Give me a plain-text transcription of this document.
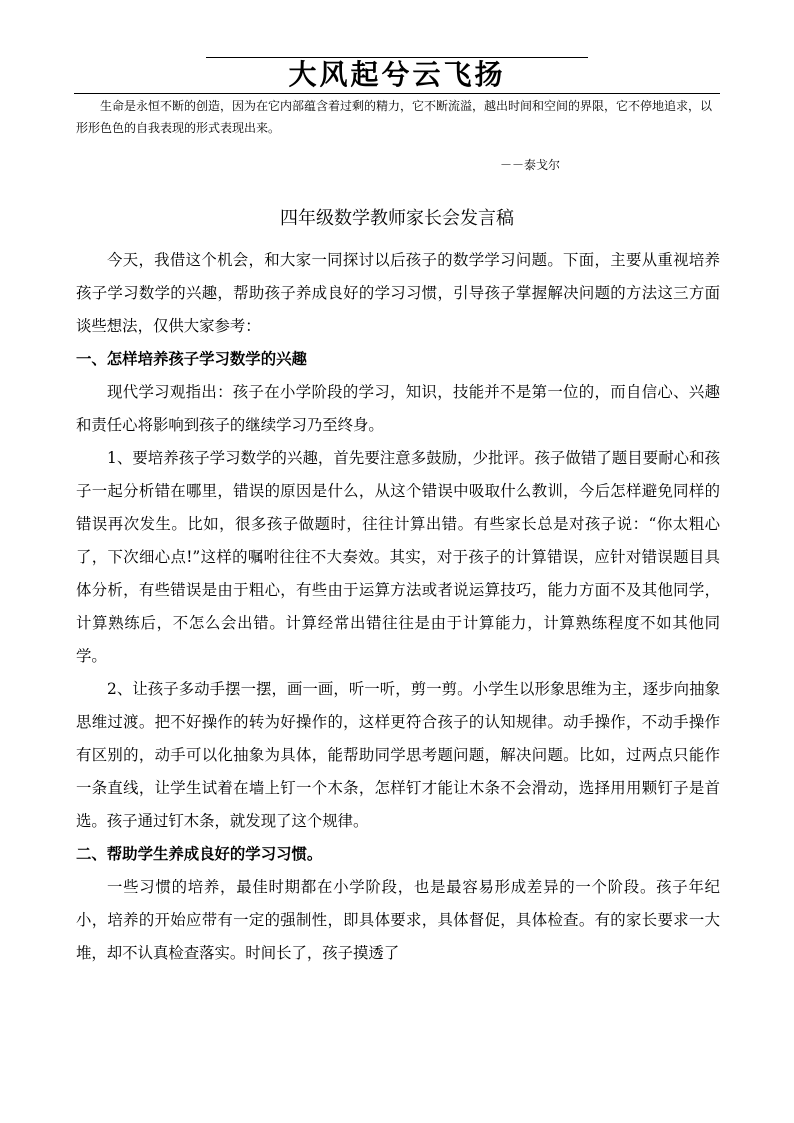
大风起兮云飞扬
生命是永恒不断的创造，因为在它内部蕴含着过剩的精力，它不断流溢，越出时间和空间的界限，它不停地追求，以形形色色的自我表现的形式表现出来。
－－泰戈尔
四年级数学教师家长会发言稿

今天，我借这个机会，和大家一同探讨以后孩子的数学学习问题。下面，主要从重视培养孩子学习数学的兴趣，帮助孩子养成良好的学习习惯，引导孩子掌握解决问题的方法这三方面谈些想法，仅供大家参考：

一、怎样培养孩子学习数学的兴趣

现代学习观指出：孩子在小学阶段的学习，知识，技能并不是第一位的，而自信心、兴趣和责任心将影响到孩子的继续学习乃至终身。

1、要培养孩子学习数学的兴趣，首先要注意多鼓励，少批评。孩子做错了题目要耐心和孩子一起分析错在哪里，错误的原因是什么，从这个错误中吸取什么教训，今后怎样避免同样的错误再次发生。比如，很多孩子做题时，往往计算出错。有些家长总是对孩子说：“你太粗心了，下次细心点!”这样的嘱咐往往不大奏效。其实，对于孩子的计算错误，应针对错误题目具体分析，有些错误是由于粗心，有些由于运算方法或者说运算技巧，能力方面不及其他同学，计算熟练后，不怎么会出错。计算经常出错往往是由于计算能力，计算熟练程度不如其他同学。

2、让孩子多动手摆一摆，画一画，听一听，剪一剪。小学生以形象思维为主，逐步向抽象思维过渡。把不好操作的转为好操作的，这样更符合孩子的认知规律。动手操作，不动手操作有区别的，动手可以化抽象为具体，能帮助同学思考题问题，解决问题。比如，过两点只能作一条直线，让学生试着在墙上钉一个木条，怎样钉才能让木条不会滑动，选择用用颗钉子是首选。孩子通过钉木条，就发现了这个规律。

二、帮助学生养成良好的学习习惯。

一些习惯的培养，最佳时期都在小学阶段，也是最容易形成差异的一个阶段。孩子年纪小，培养的开始应带有一定的强制性，即具体要求，具体督促，具体检查。有的家长要求一大堆，却不认真检查落实。时间长了，孩子摸透了
